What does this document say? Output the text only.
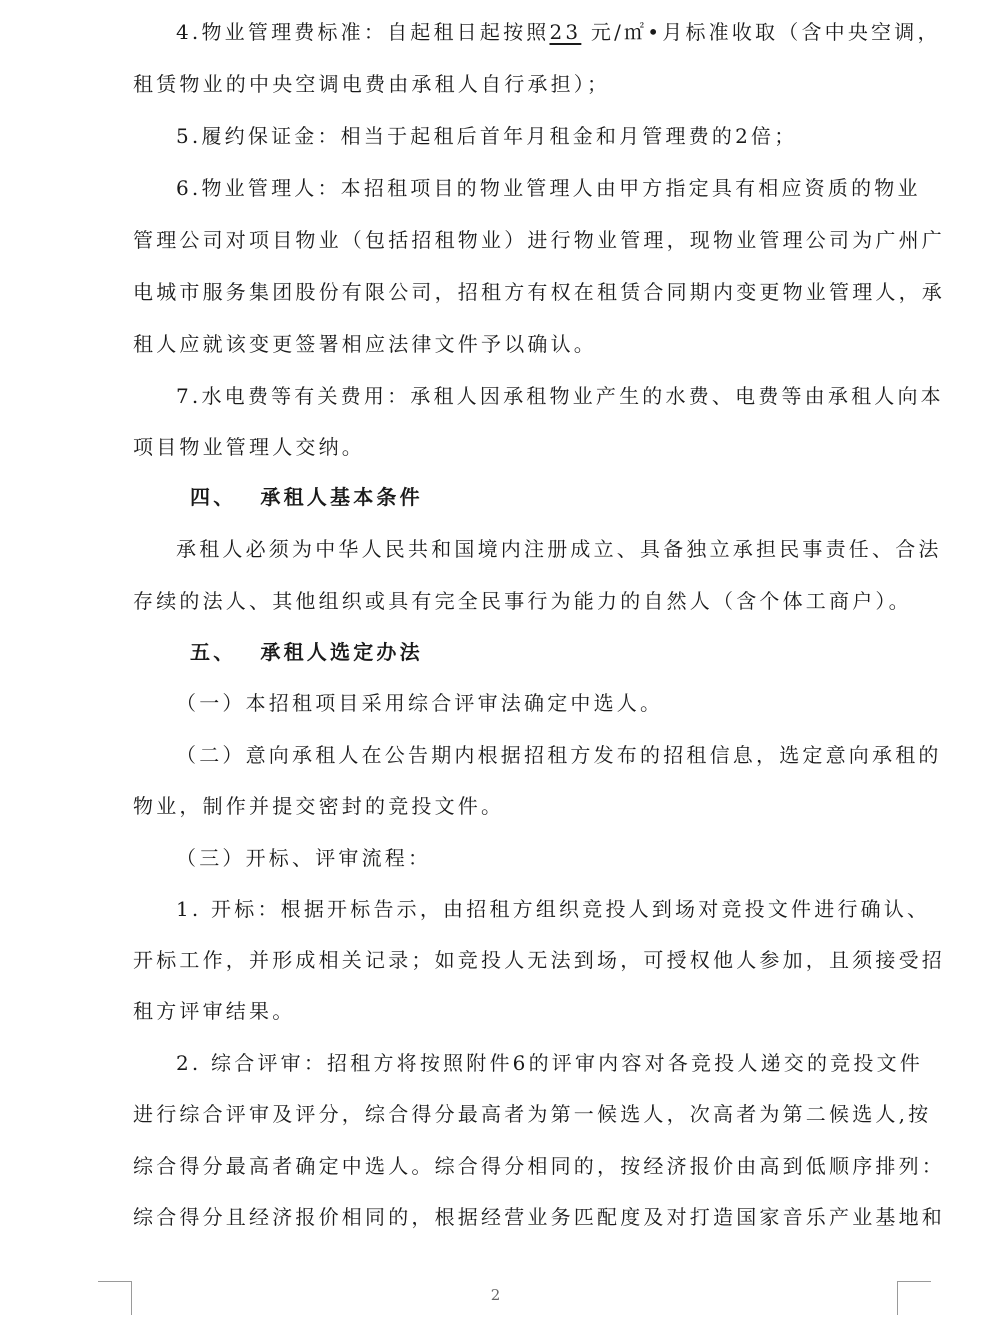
4.物业管理费标准：自起租日起按照23 元/㎡•月标准收取（含中央空调，
租赁物业的中央空调电费由承租人自行承担）；
5.履约保证金：相当于起租后首年月租金和月管理费的2倍；
6.物业管理人：本招租项目的物业管理人由甲方指定具有相应资质的物业
管理公司对项目物业（包括招租物业）进行物业管理，现物业管理公司为广州广
电城市服务集团股份有限公司，招租方有权在租赁合同期内变更物业管理人，承
租人应就该变更签署相应法律文件予以确认。
7.水电费等有关费用：承租人因承租物业产生的水费、电费等由承租人向本
项目物业管理人交纳。
四、 承租人基本条件
承租人必须为中华人民共和国境内注册成立、具备独立承担民事责任、合法
存续的法人、其他组织或具有完全民事行为能力的自然人（含个体工商户）。
五、 承租人选定办法
（一）本招租项目采用综合评审法确定中选人。
（二）意向承租人在公告期内根据招租方发布的招租信息，选定意向承租的
物业，制作并提交密封的竞投文件。
（三）开标、评审流程：
1. 开标：根据开标告示，由招租方组织竞投人到场对竞投文件进行确认、
开标工作，并形成相关记录；如竞投人无法到场，可授权他人参加，且须接受招
租方评审结果。
2. 综合评审：招租方将按照附件6的评审内容对各竞投人递交的竞投文件
进行综合评审及评分，综合得分最高者为第一候选人，次高者为第二候选人,按
综合得分最高者确定中选人。综合得分相同的，按经济报价由高到低顺序排列：
综合得分且经济报价相同的，根据经营业务匹配度及对打造国家音乐产业基地和
2
